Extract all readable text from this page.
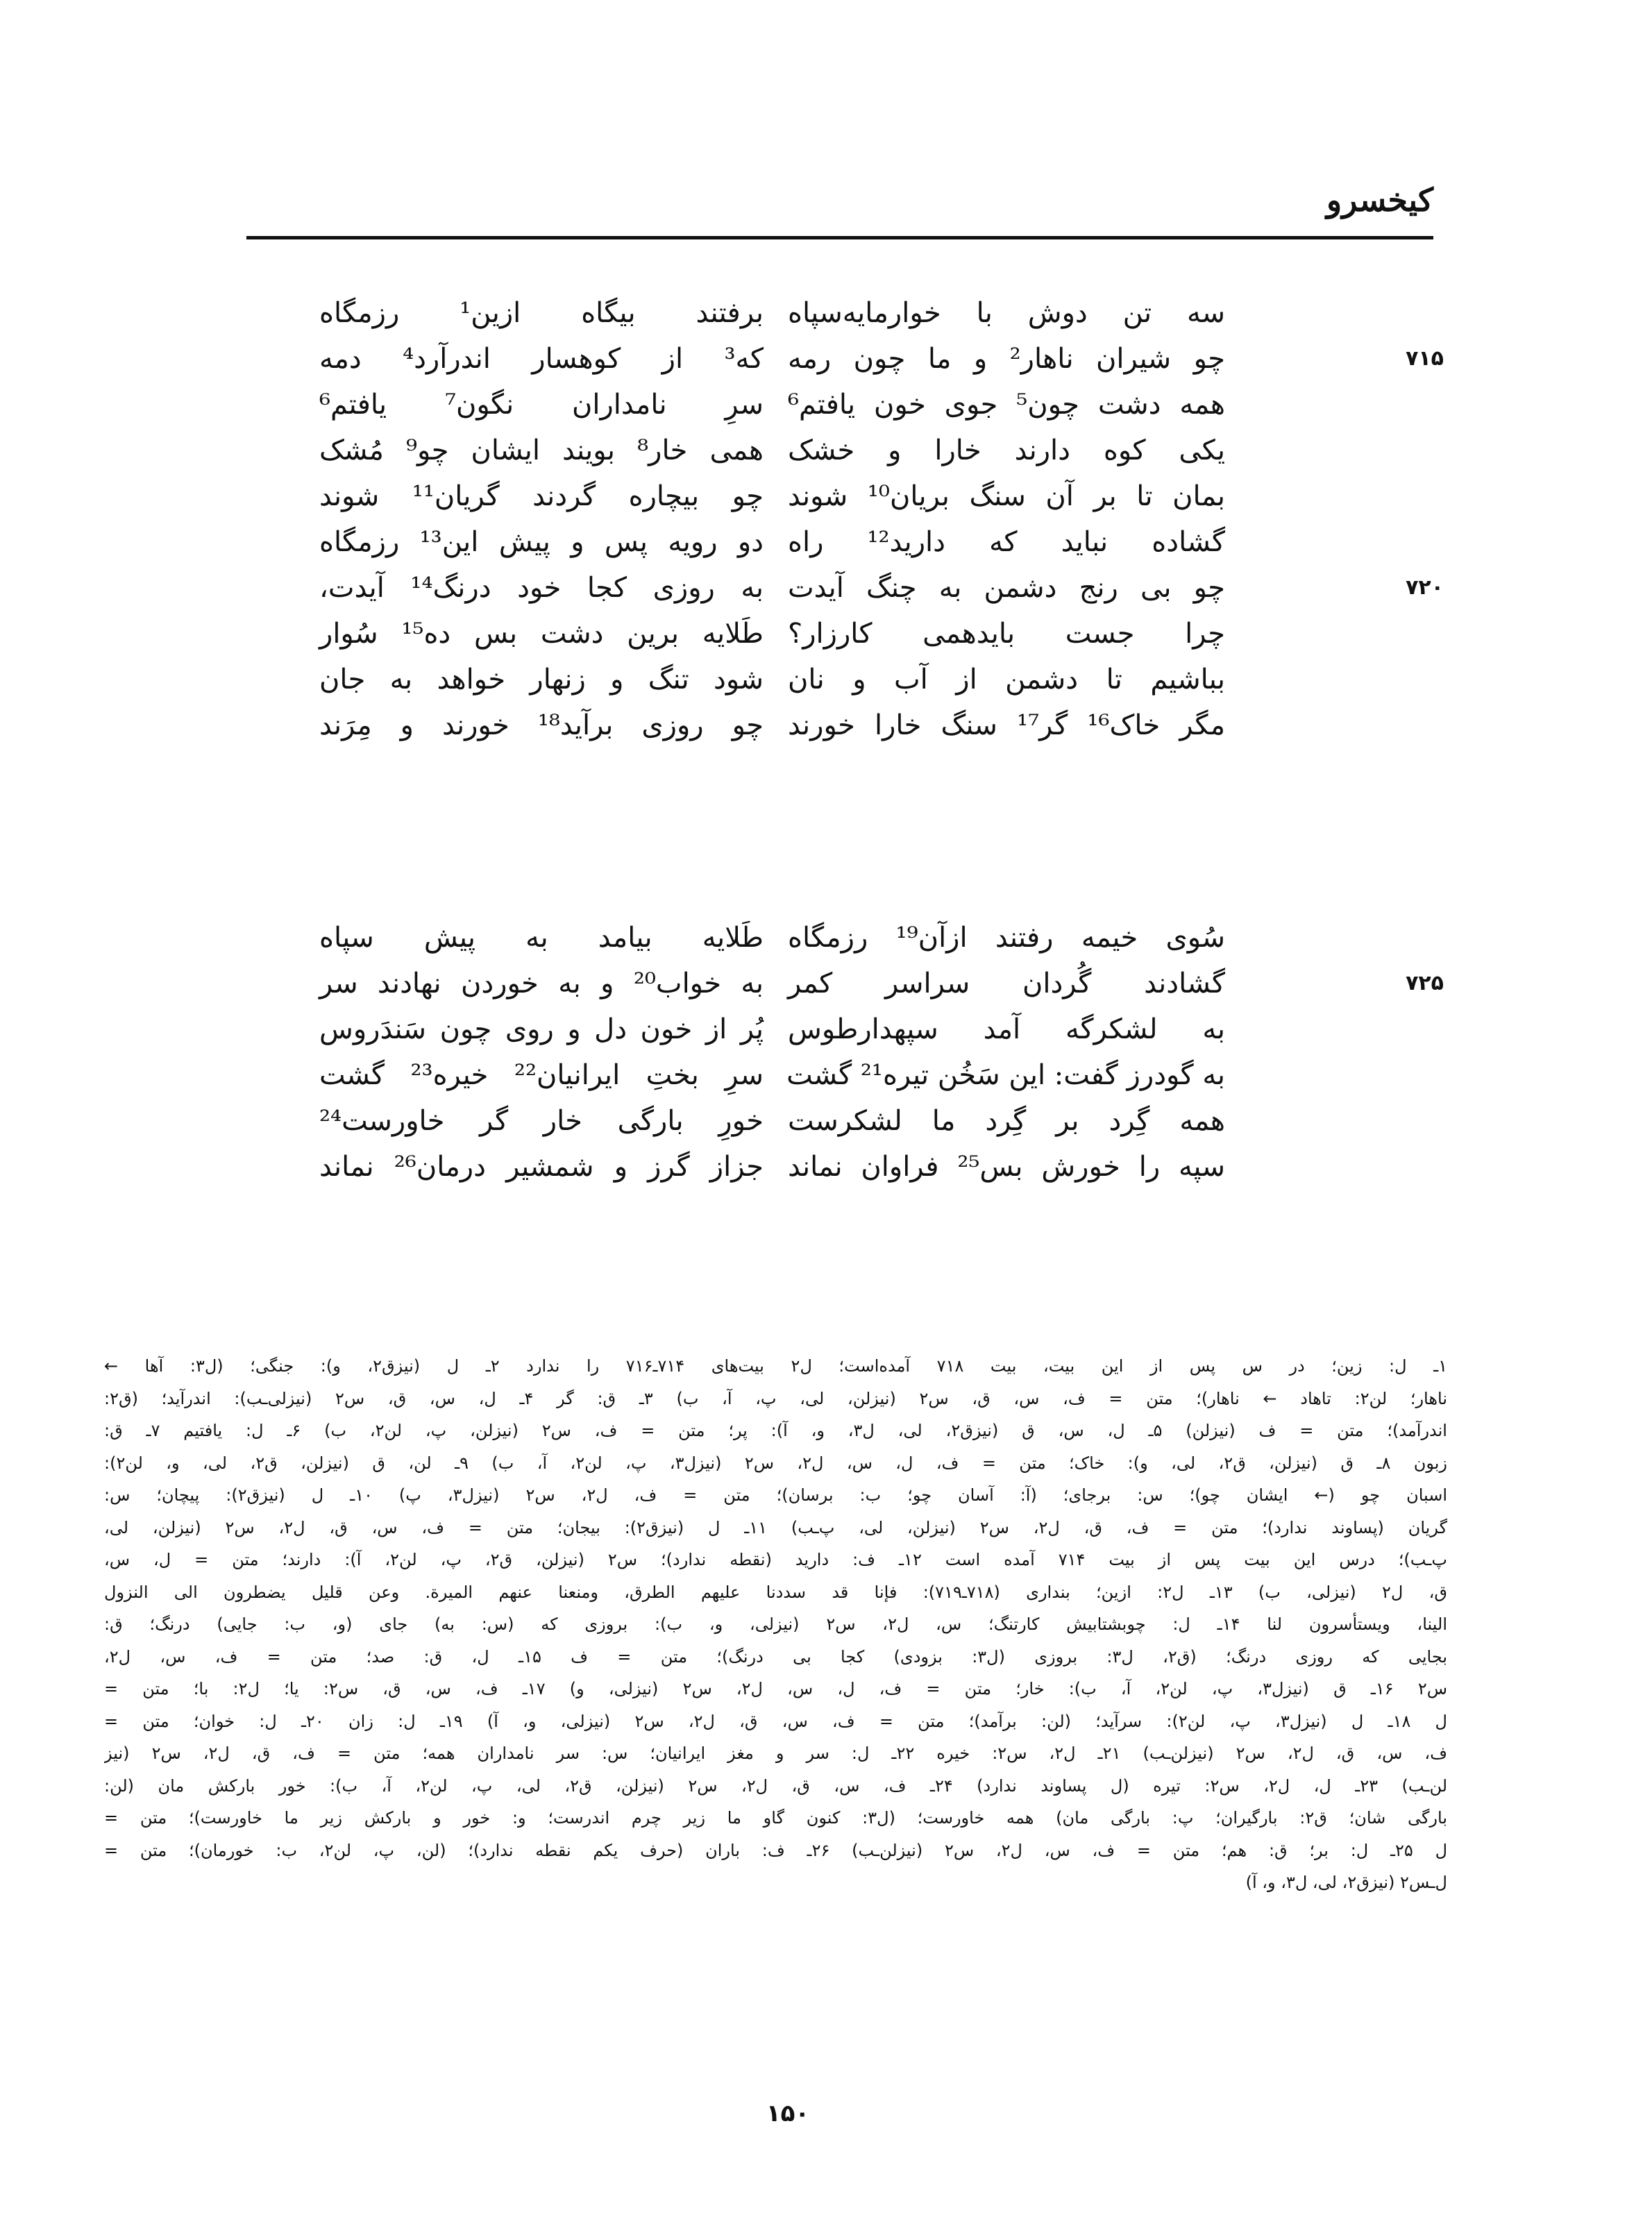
کیخسرو
سه تن دوش با خوارمایه‌سپاه
برفتند بیگاه ازین¹ رزمگاه
۷۱۵
چو شیران ناهار² و ما چون رمه
که³ از کوهسار اندرآرد⁴ دمه
همه دشت چون⁵ جوی خون یافتم⁶
سرِ نامداران نگون⁷ یافتم⁶
یکی کوه دارند خارا و خشک
همی خار⁸ بویند ایشان چو⁹ مُشک
بمان تا بر آن سنگ بریان¹⁰ شوند
چو بیچاره گردند گریان¹¹ شوند
گشاده نباید که دارید¹² راه
دو رویه پس و پیش این¹³ رزمگاه
۷۲۰
چو بی رنج دشمن به چنگ آیدت
به روزی کجا خود درنگ¹⁴ آیدت،
چرا جست بایدهمی کارزار؟
طَلایه برین دشت بس ده¹⁵ سُوار
بباشیم تا دشمن از آب و نان
شود تنگ و زنهار خواهد به جان
مگر خاک¹⁶ گر¹⁷ سنگ خارا خورند
چو روزی برآید¹⁸ خورند و مِرَند
سُوی خیمه رفتند ازآن¹⁹ رزمگاه
طَلایه بیامد به پیش سپاه
۷۲۵
گشادند گُردان سراسر کمر
به خواب²⁰ و به خوردن نهادند سر
به لشکرگه آمد سپهدارطوس
پُر از خون دل و روی چون سَندَروس
به گودرز گفت: این سَخُن تیره²¹ گشت
سرِ بختِ ایرانیان²² خیره²³ گشت
همه گِرد بر گِرد ما لشکرست
خورِ بارگی خار گر خاورست²⁴
سپه را خورش بس²⁵ فراوان نماند
جزاز گرز و شمشیر درمان²⁶ نماند
۱ـ ل: زین؛ در س پس از این بیت، بیت ۷۱۸ آمده‌است؛ ل۲ بیت‌های ۷۱۴ـ۷۱۶ را ندارد ۲ـ ل (نیزق۲، و): جنگی؛ (ل۳: آها ←
ناهار؛ لن۲: تاهاد ← ناهار)؛ متن = ف، س، ق، س۲ (نیزلن، لی، پ، آ، ب) ۳ـ ق: گر ۴ـ ل، س، ق، س۲ (نیزلی‌ـب): اندرآید؛ (ق۲:
اندرآمد)؛ متن = ف (نیزلن) ۵ـ ل، س، ق (نیزق۲، لی، ل۳، و، آ): پر؛ متن = ف، س۲ (نیزلن، پ، لن۲، ب) ۶ـ ل: یافتیم ۷ـ ق:
زبون ۸ـ ق (نیزلن، ق۲، لی، و): خاک؛ متن = ف، ل، س، ل۲، س۲ (نیزل۳، پ، لن۲، آ، ب) ۹ـ لن، ق (نیزلن، ق۲، لی، و، لن۲):
اسبان چو (← ایشان چو)؛ س: برجای؛ (آ: آسان چو؛ ب: برسان)؛ متن = ف، ل۲، س۲ (نیزل۳، پ) ۱۰ـ ل (نیزق۲): پیچان؛ س:
گریان (پساوند ندارد)؛ متن = ف، ق، ل۲، س۲ (نیزلن، لی، پ‌ـب) ۱۱ـ ل (نیزق۲): بیجان؛ متن = ف، س، ق، ل۲، س۲ (نیزلن، لی،
پ‌ـب)؛ درس این بیت پس از بیت ۷۱۴ آمده است ۱۲ـ ف: دارید (نقطه ندارد)؛ س۲ (نیزلن، ق۲، پ، لن۲، آ): دارند؛ متن = ل، س،
ق، ل۲ (نیزلی، ب) ۱۳ـ ل۲: ازین؛ بنداری (۷۱۸ـ۷۱۹): فإنا قد سددنا علیهم الطرق، ومنعنا عنهم المیرة. وعن قلیل یضطرون الی النزول
الینا، ویستأسرون لنا ۱۴ـ ل: چوبشتابیش کارتنگ؛ س، ل۲، س۲ (نیزلی، و، ب): بروزی که (س: به) جای (و، ب: جایی) درنگ؛ ق:
بجایی که روزی درنگ؛ (ق۲، ل۳: بروزی (ل۳: بزودی) کجا بی درنگ)؛ متن = ف ۱۵ـ ل، ق: صد؛ متن = ف، س، ل۲،
س۲ ۱۶ـ ق (نیزل۳، پ، لن۲، آ، ب): خار؛ متن = ف، ل، س، ل۲، س۲ (نیزلی، و) ۱۷ـ ف، س، ق، س۲: یا؛ ل۲: با؛ متن =
ل ۱۸ـ ل (نیزل۳، پ، لن۲): سرآید؛ (لن: برآمد)؛ متن = ف، س، ق، ل۲، س۲ (نیزلی، و، آ) ۱۹ـ ل: زان ۲۰ـ ل: خوان؛ متن =
ف، س، ق، ل۲، س۲ (نیزلن‌ـب) ۲۱ـ ل۲، س۲: خیره ۲۲ـ ل: سر و مغز ایرانیان؛ س: سر نامداران همه؛ متن = ف، ق، ل۲، س۲ (نیز
لن‌ـب) ۲۳ـ ل، ل۲، س۲: تیره (ل پساوند ندارد) ۲۴ـ ف، س، ق، ل۲، س۲ (نیزلن، ق۲، لی، پ، لن۲، آ، ب): خور بارکش مان (لن:
بارگی شان؛ ق۲: بارگیران؛ پ: بارگی مان) همه خاورست؛ (ل۳: کنون گاو ما زیر چرم اندرست؛ و: خور و بارکش زیر ما خاورست)؛ متن =
ل ۲۵ـ ل: بر؛ ق: هم؛ متن = ف، س، ل۲، س۲ (نیزلن‌ـب) ۲۶ـ ف: باران (حرف یکم نقطه ندارد)؛ (لن، پ، لن۲، ب: خورمان)؛ متن =
ل‌ـس۲ (نیزق۲، لی، ل۳، و، آ)
۱۵۰
